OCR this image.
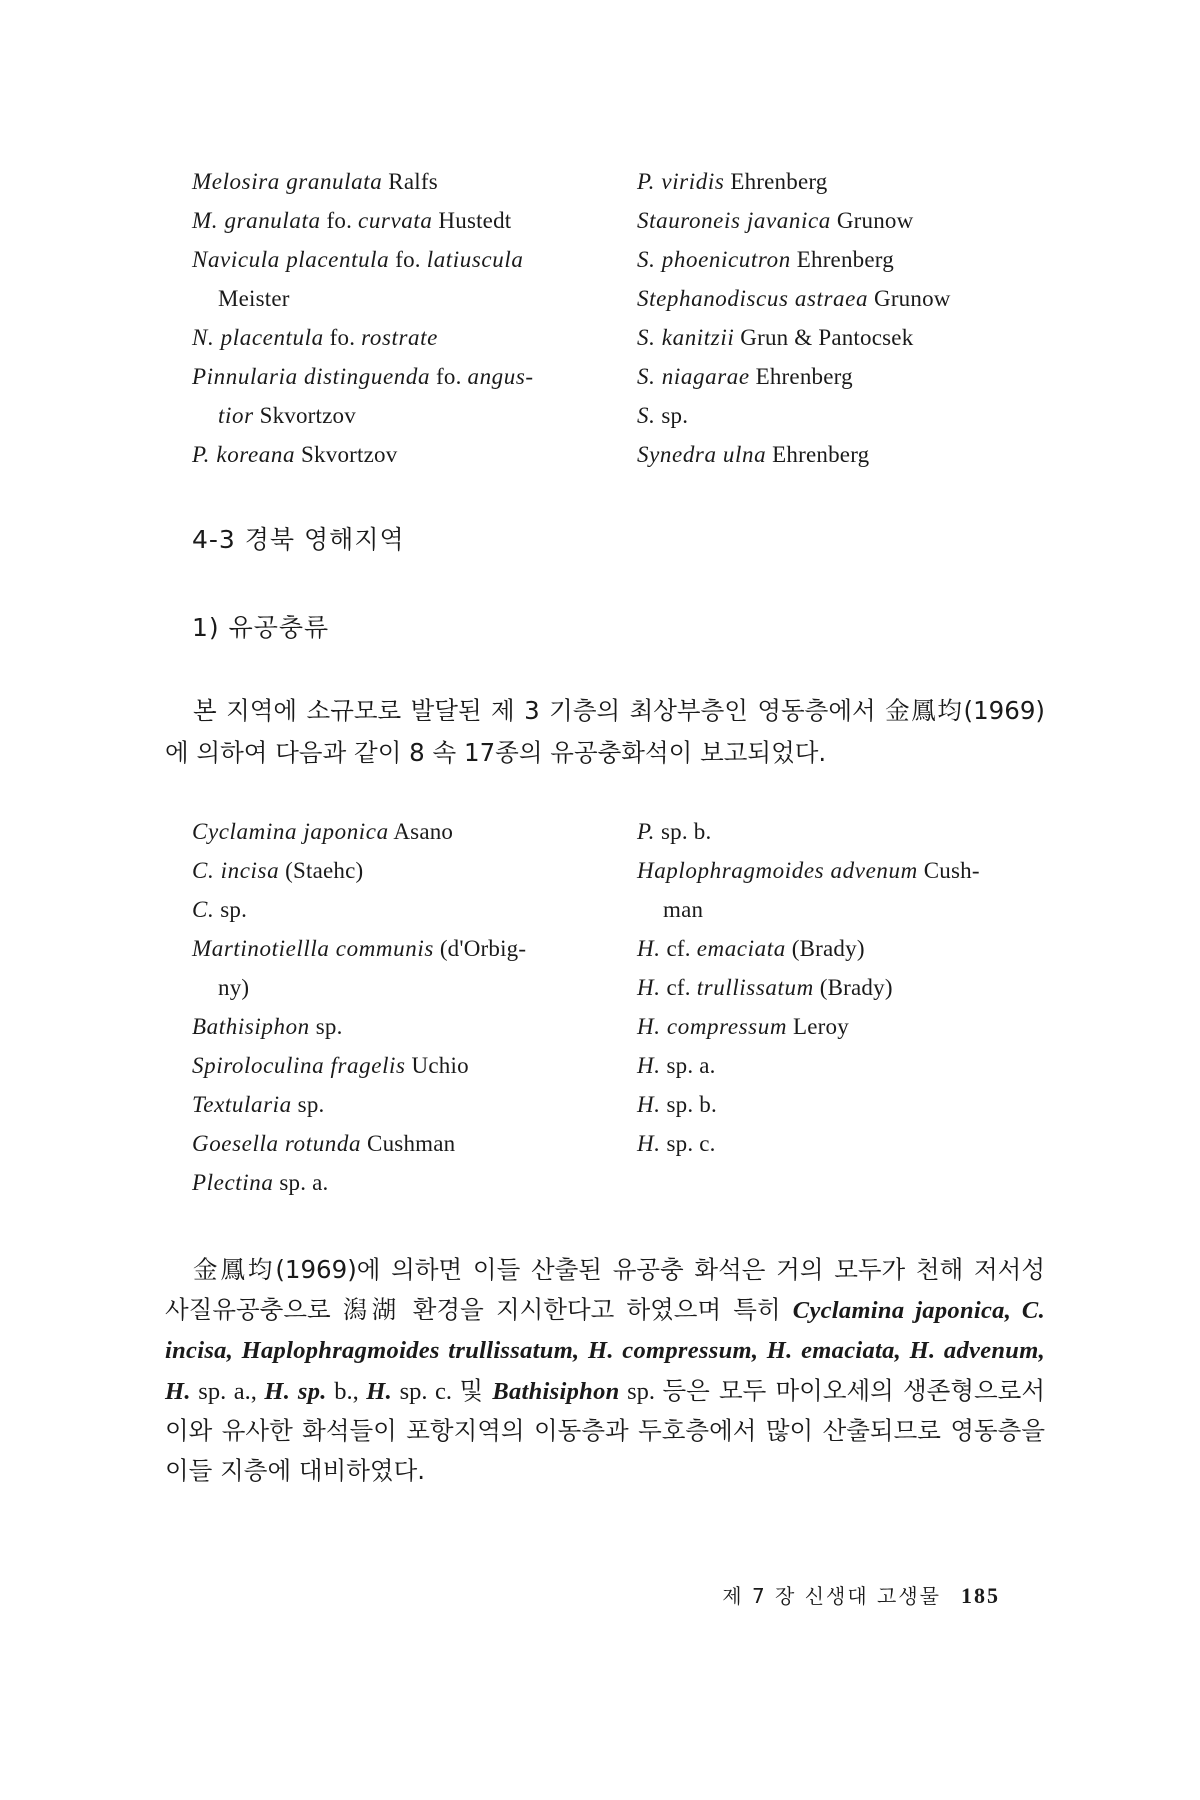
Melosira granulata Ralfs
M. granulata fo. curvata Hustedt
Navicula placentula fo. latiuscula
Meister
N. placentula fo. rostrate
Pinnularia distinguenda fo. angus-
tior Skvortzov
P. koreana Skvortzov
P. viridis Ehrenberg
Stauroneis javanica Grunow
S. phoenicutron Ehrenberg
Stephanodiscus astraea Grunow
S. kanitzii Grun & Pantocsek
S. niagarae Ehrenberg
S. sp.
Synedra ulna Ehrenberg
4-3 경북 영해지역
1) 유공충류

본 지역에 소규모로 발달된 제 3 기층의 최상부층인 영동층에서 金鳳均(1969)에 의하여 다음과 같이 8 속 17종의 유공충화석이 보고되었다.

Cyclamina japonica Asano
C. incisa (Staehc)
C. sp.
Martinotiellla communis (d'Orbig-
ny)
Bathisiphon sp.
Spiroloculina fragelis Uchio
Textularia sp.
Goesella rotunda Cushman
Plectina sp. a.
P. sp. b.
Haplophragmoides advenum Cush-
man
H. cf. emaciata (Brady)
H. cf. trullissatum (Brady)
H. compressum Leroy
H. sp. a.
H. sp. b.
H. sp. c.

金鳳均(1969)에 의하면 이들 산출된 유공충 화석은 거의 모두가 천해 저서성 사질유공충으로 潟湖 환경을 지시한다고 하였으며 특히 Cyclamina japonica, C. incisa, Haplophragmoides trullissatum, H. compressum, H. emaciata, H. advenum, H. sp. a., H. sp. b., H. sp. c. 및 Bathisiphon sp. 등은 모두 마이오세의 생존형으로서 이와 유사한 화석들이 포항지역의 이동층과 두호층에서 많이 산출되므로 영동층을 이들 지층에 대비하였다.

제 7 장 신생대 고생물 185
